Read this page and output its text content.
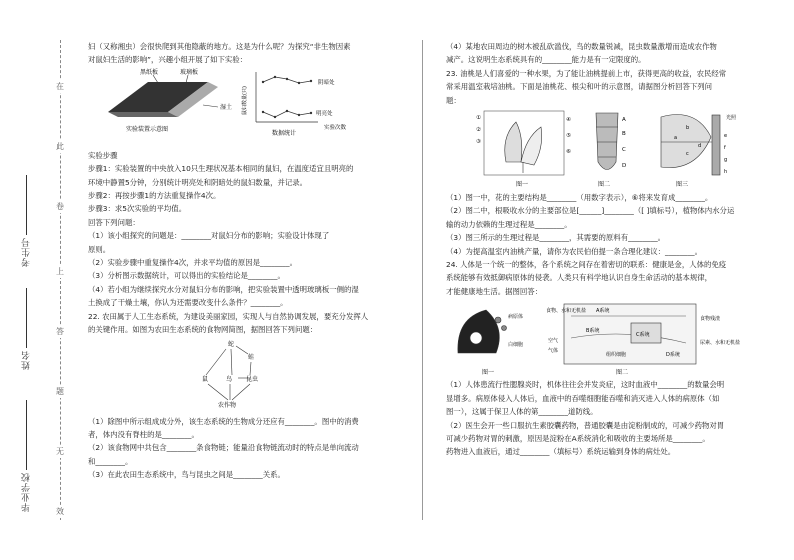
考生号
姓名
毕业学校
在
此
卷
上
答
题
无
效

妇（又称湘虫）会很快爬到其他隐蔽的地方。这是为什么呢？为探究“非生物因素

对鼠妇生活的影响”，兴趣小组开展了如下实验：

黑纸板	玻璃板
湿土
实验装置示意图
阴暗处
明亮处
鼠妇数量(只)
实验次数
数据统计

实验步骤

步骤1：实验装置的中央放入10只生理状况基本相同的鼠妇，在温度适宜且明亮的

环境中静置5分钟，分别统计明亮处和阴暗处的鼠妇数量，并记录。

步骤2：再按步骤1的方法重复操作4次。

步骤3：求5次实验的平均值。

回答下列问题：

（1）该小组探究的问题是：________对鼠妇分布的影响；实验设计体现了

原则。

（2）实验步骤中重复操作4次，并求平均值的原因是________。

（3）分析图示数据统计，可以得出的实验结论是________。

（4）若小组为继续探究水分对鼠妇分布的影响，把实验装置中透明玻璃板一侧的湿

土换成了干燥土壤，你认为还需要改变什么条件？________。

22. 农田属于人工生态系统，为建设美丽家园，实现人与自然协调发展，要充分发挥人

的关键作用。如图为农田生态系统的食物网简图，据图回答下列问题：

蛇
蛙
鼠	鸟 昆虫
农作物

（1）除图中所示组成成分外，该生态系统的生物成分还应有________。图中的消费

者，体内没有脊柱的是________。

（2）该食物网中共包含________条食物链；能量沿食物链流动时的特点是单向流动

和________。

（3）在此农田生态系统中，鸟与昆虫之间是________关系。

（4）某地农田周边的树木被乱砍滥伐，鸟的数量锐减，昆虫数量激增而造成农作物

减产。这说明生态系统具有的________能力是有一定限度的。

23. 油桃是人们喜爱的一种水果，为了能让油桃提前上市，获得更高的收益，农民经常

常采用温室栽培油桃。下面是油桃花、根尖和叶的示意图，请据图分析回答下列问

题：

①
②
③
④
⑤
⑥
图一
A
B
C
D
图二
光照
a
b
c
d
e
f
g
h
图三

（1）图一中，花的主要结构是________（用数字表示），⑥将来发育成________。

（2）图二中，根吸收水分的主要部位是[______]________（[ ]填标号），植物体内水分运

输的动力依赖的生理过程是________。

（3）图三所示的生理过程是________，其需要的原料有________。

（4）为提高温室内油桃产量，请你为农民伯伯提一条合理化建议：________。

24. 人体是一个统一的整体，各个系统之间存在着密切的联系：健康是金，人体的免疫

系统能够有效抵御病原体的侵袭。人类只有科学地认识自身生命活动的基本规律，

才能健康地生活。据图回答：

病原体
白细胞
图一
食物、水和无机盐 A系统
B系统
C系统
D系统
空气
气体
组织细胞
食物残渣
尿素、水和无机盐
图二

（1）人体患流行性腮腺炎时，机体往往会并发炎症，这时血液中________的数量会明

显增多。病原体侵入人体后，血液中的吞噬细胞能吞噬和消灭进入人体的病原体（如

图一），这属于保卫人体的第________道防线。

（2）医生会开一些口服抗生素胶囊药物，普通胶囊是由淀粉制成的，可减少药物对胃

可减少药物对胃的刺激，原因是淀粉在A系统消化和吸收的主要场所是________。

药物进入血液后，通过________（填标号）系统运输到身体的病灶处。
